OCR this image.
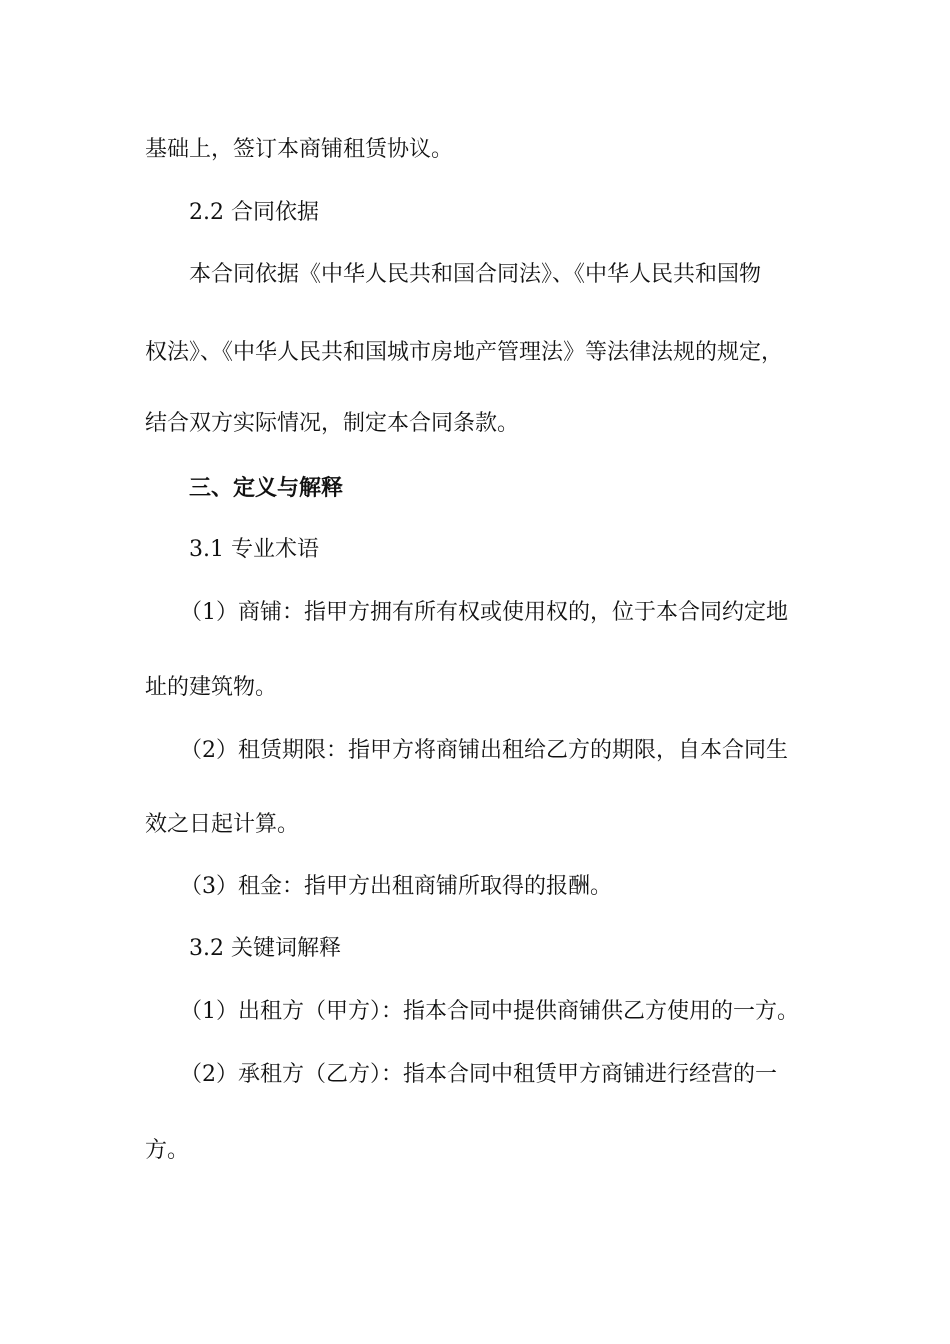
基础上，签订本商铺租赁协议。
2.2 合同依据
本合同依据《中华人民共和国合同法》、《中华人民共和国物
权法》、《中华人民共和国城市房地产管理法》等法律法规的规定，
结合双方实际情况，制定本合同条款。
三、定义与解释
3.1 专业术语
（1）商铺：指甲方拥有所有权或使用权的，位于本合同约定地
址的建筑物。
（2）租赁期限：指甲方将商铺出租给乙方的期限，自本合同生
效之日起计算。
（3）租金：指甲方出租商铺所取得的报酬。
3.2 关键词解释
（1）出租方（甲方）：指本合同中提供商铺供乙方使用的一方。
（2）承租方（乙方）：指本合同中租赁甲方商铺进行经营的一
方。
